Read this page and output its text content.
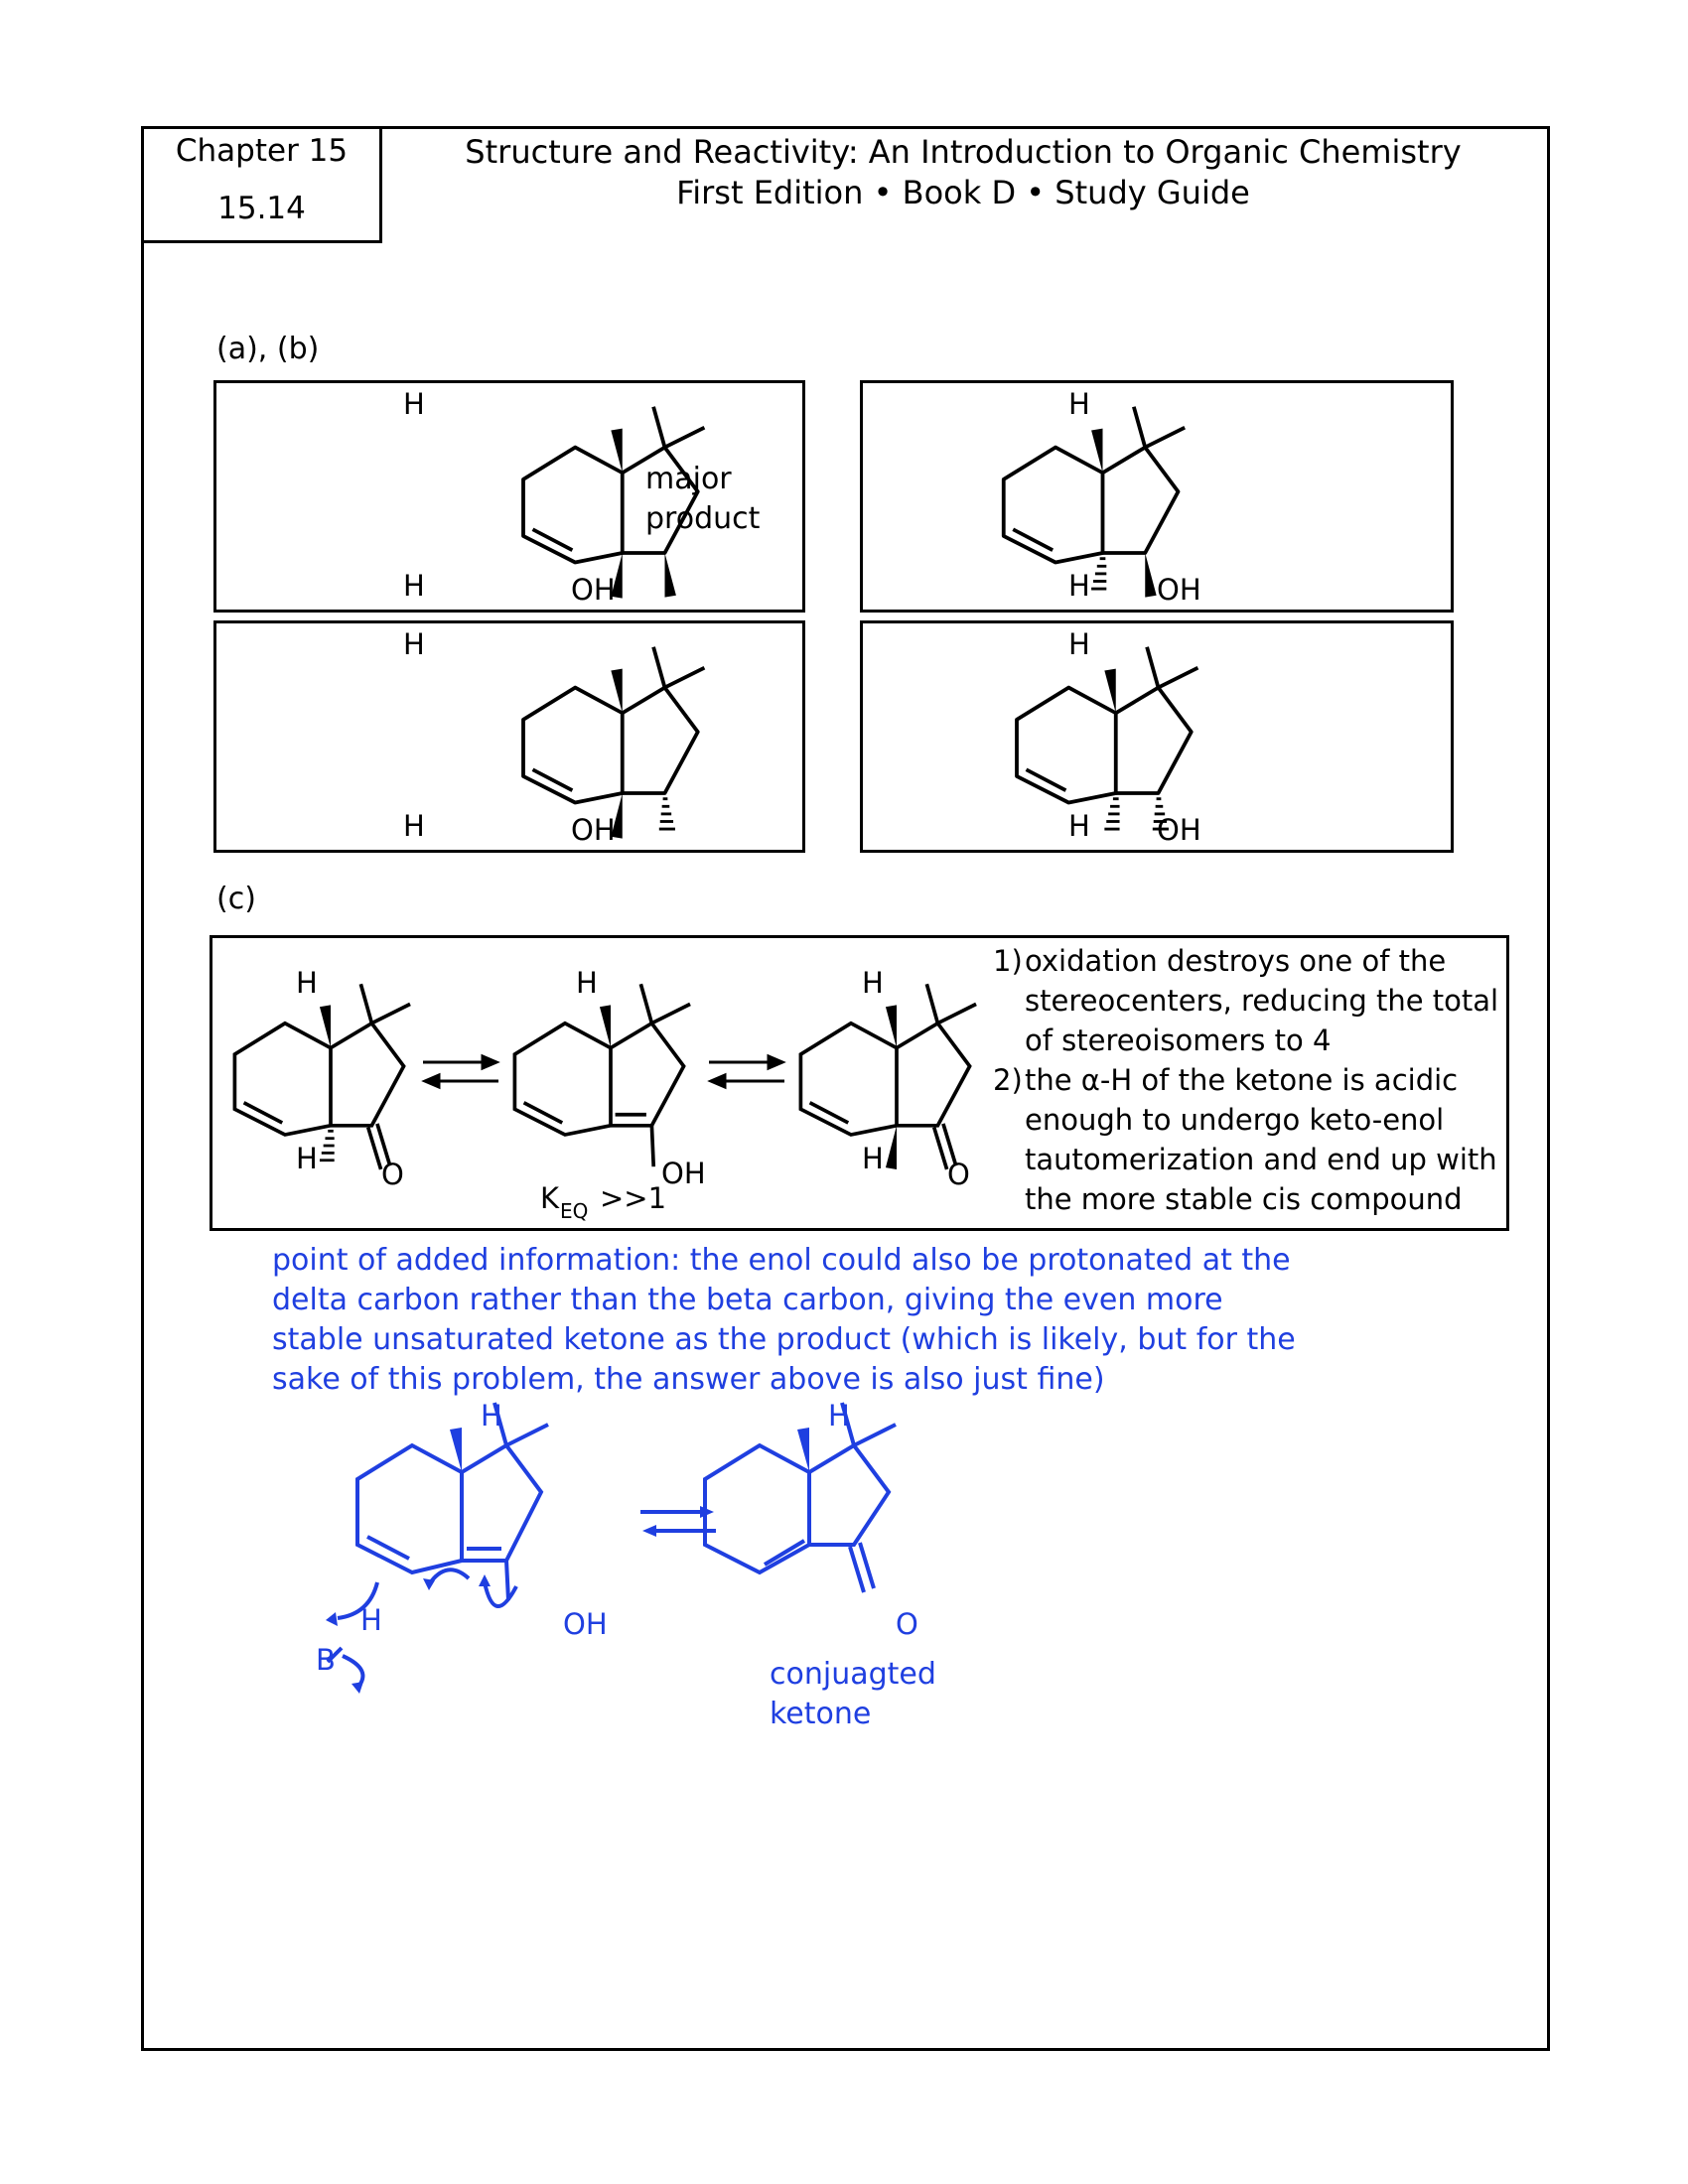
Chapter 15
15.14
Structure and Reactivity: An Introduction to Organic Chemistry
First Edition • Book D • Study Guide
(a), (b)
H
H	OH
major
product
H
H OH
H
H	OH
H
H OH
(c)
H
H O
H
OH
K EQ >>1
H
H O
1) oxidation destroys one of the stereocenters, reducing the total of stereoisomers to 4
2) the α-H of the ketone is acidic enough to undergo keto-enol tautomerization and end up with the more stable cis compound
point of added information: the enol could also be protonated at the delta carbon rather than the beta carbon, giving the even more stable unsaturated ketone as the product (which is likely, but for the sake of this problem, the answer above is also just fine)
H
OH
H
B
H
O
conjuagted
ketone
